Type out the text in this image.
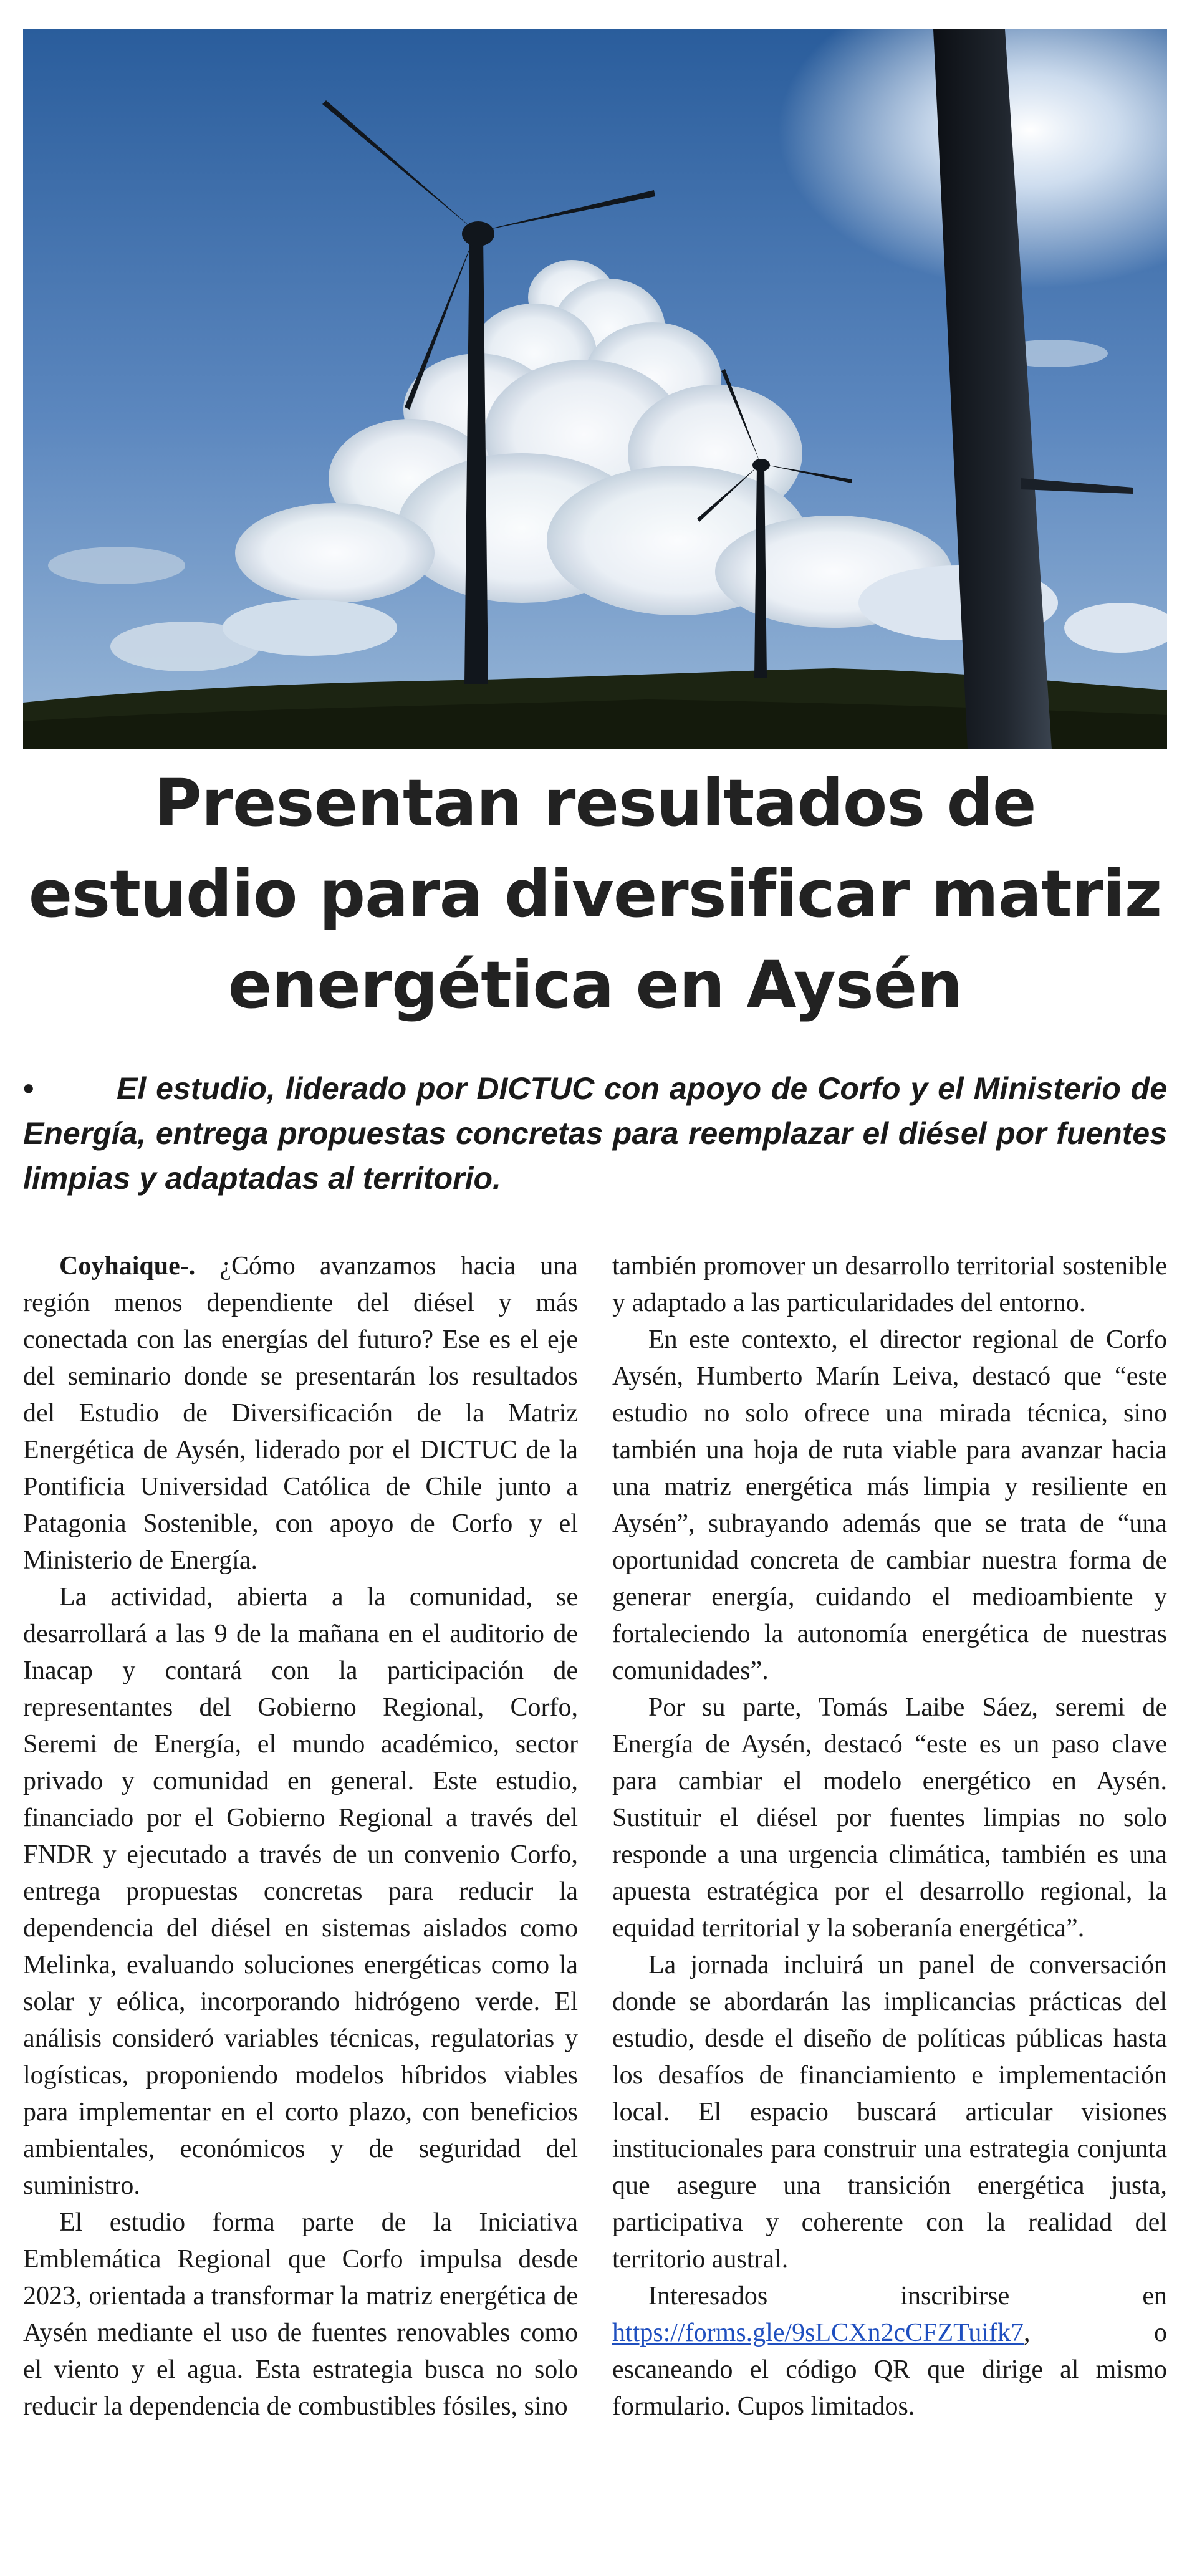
Presentan resultados de estudio para diversificar matriz energética en Aysén

•	El estudio, liderado por DICTUC con apoyo de Corfo y el Ministerio de Energía, entrega propuestas concretas para reemplazar el diésel por fuentes limpias y adaptadas al territorio.

Coyhaique-. ¿Cómo avanzamos hacia una región menos dependiente del diésel y más conectada con las energías del futuro? Ese es el eje del seminario donde se presentarán los resultados del Estudio de Diversificación de la Matriz Energética de Aysén, liderado por el DICTUC de la Pontificia Universidad Católica de Chile junto a Patagonia Sostenible, con apoyo de Corfo y el Ministerio de Energía.

La actividad, abierta a la comunidad, se desarrollará a las 9 de la mañana en el auditorio de Inacap y contará con la participación de representantes del Gobierno Regional, Corfo, Seremi de Energía, el mundo académico, sector privado y comunidad en general. Este estudio, financiado por el Gobierno Regional a través del FNDR y ejecutado a través de un convenio Corfo, entrega propuestas concretas para reducir la dependencia del diésel en sistemas aislados como Melinka, evaluando soluciones energéticas como la solar y eólica, incorporando hidrógeno verde. El análisis consideró variables técnicas, regulatorias y logísticas, proponiendo modelos híbridos viables para implementar en el corto plazo, con beneficios ambientales, económicos y de seguridad del suministro.

El estudio forma parte de la Iniciativa Emblemática Regional que Corfo impulsa desde 2023, orientada a transformar la matriz energética de Aysén mediante el uso de fuentes renovables como el viento y el agua. Esta estrategia busca no solo reducir la dependencia de combustibles fósiles, sino

también promover un desarrollo territorial sostenible y adaptado a las particularidades del entorno.

En este contexto, el director regional de Corfo Aysén, Humberto Marín Leiva, destacó que “este estudio no solo ofrece una mirada técnica, sino también una hoja de ruta viable para avanzar hacia una matriz energética más limpia y resiliente en Aysén”, subrayando además que se trata de “una oportunidad concreta de cambiar nuestra forma de generar energía, cuidando el medioambiente y fortaleciendo la autonomía energética de nuestras comunidades”.

Por su parte, Tomás Laibe Sáez, seremi de Energía de Aysén, destacó “este es un paso clave para cambiar el modelo energético en Aysén. Sustituir el diésel por fuentes limpias no solo responde a una urgencia climática, también es una apuesta estratégica por el desarrollo regional, la equidad territorial y la soberanía energética”.

La jornada incluirá un panel de conversación donde se abordarán las implicancias prácticas del estudio, desde el diseño de políticas públicas hasta los desafíos de financiamiento e implementación local. El espacio buscará articular visiones institucionales para construir una estrategia conjunta que asegure una transición energética justa, participativa y coherente con la realidad del territorio austral.

Interesados inscribirse en https://forms.gle/9sLCXn2cCFZTuifk7, o escaneando el código QR que dirige al mismo formulario. Cupos limitados.
